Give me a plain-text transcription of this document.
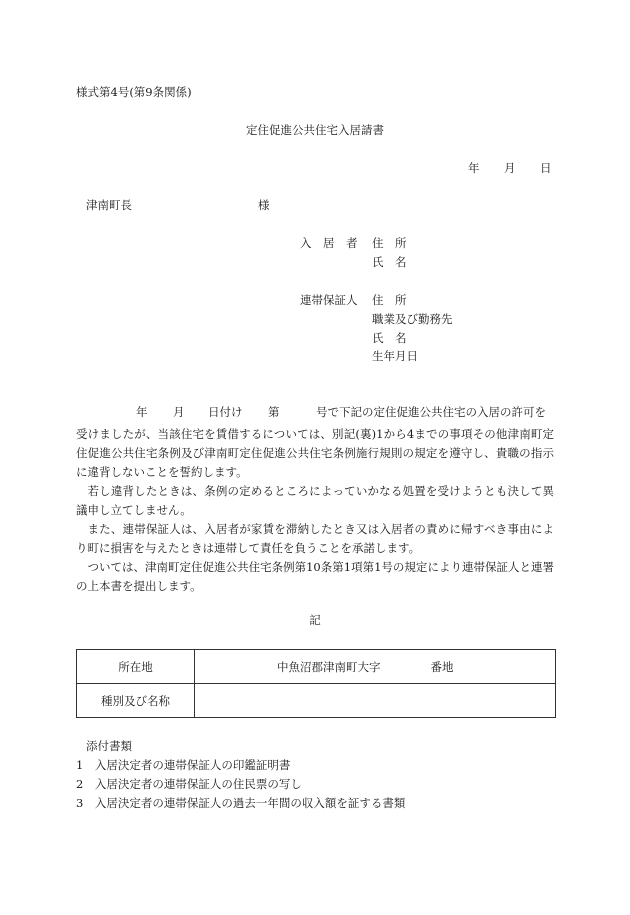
様式第4号(第9条関係)
定住促進公共住宅入居請書
年 月 日
津南町長	様
入　居　者 住　所
氏　名
連帯保証人 住　所
職業及び勤務先
氏　名
生年月日
年 月 日付け 第	号で下記の定住促進公共住宅の入居の許可を

受けましたが、当該住宅を賃借するについては、別記(裏)1から4までの事項その他津南町定住促進公共住宅条例及び津南町定住促進公共住宅条例施行規則の規定を遵守し、貴職の指示に違背しないことを誓約します。

若し違背したときは、条例の定めるところによっていかなる処置を受けようとも決して異議申し立てしません。

また、連帯保証人は、入居者が家賃を滞納したとき又は入居者の責めに帰すべき事由により町に損害を与えたときは連帯して責任を負うことを承諾します。

ついては、津南町定住促進公共住宅条例第10条第1項第1号の規定により連帯保証人と連署の上本書を提出します。

記
所在地	中魚沼郡津南町大字 番地
種別及び名称	
添付書類
1　入居決定者の連帯保証人の印鑑証明書
2　入居決定者の連帯保証人の住民票の写し
3　入居決定者の連帯保証人の過去一年間の収入額を証する書類
